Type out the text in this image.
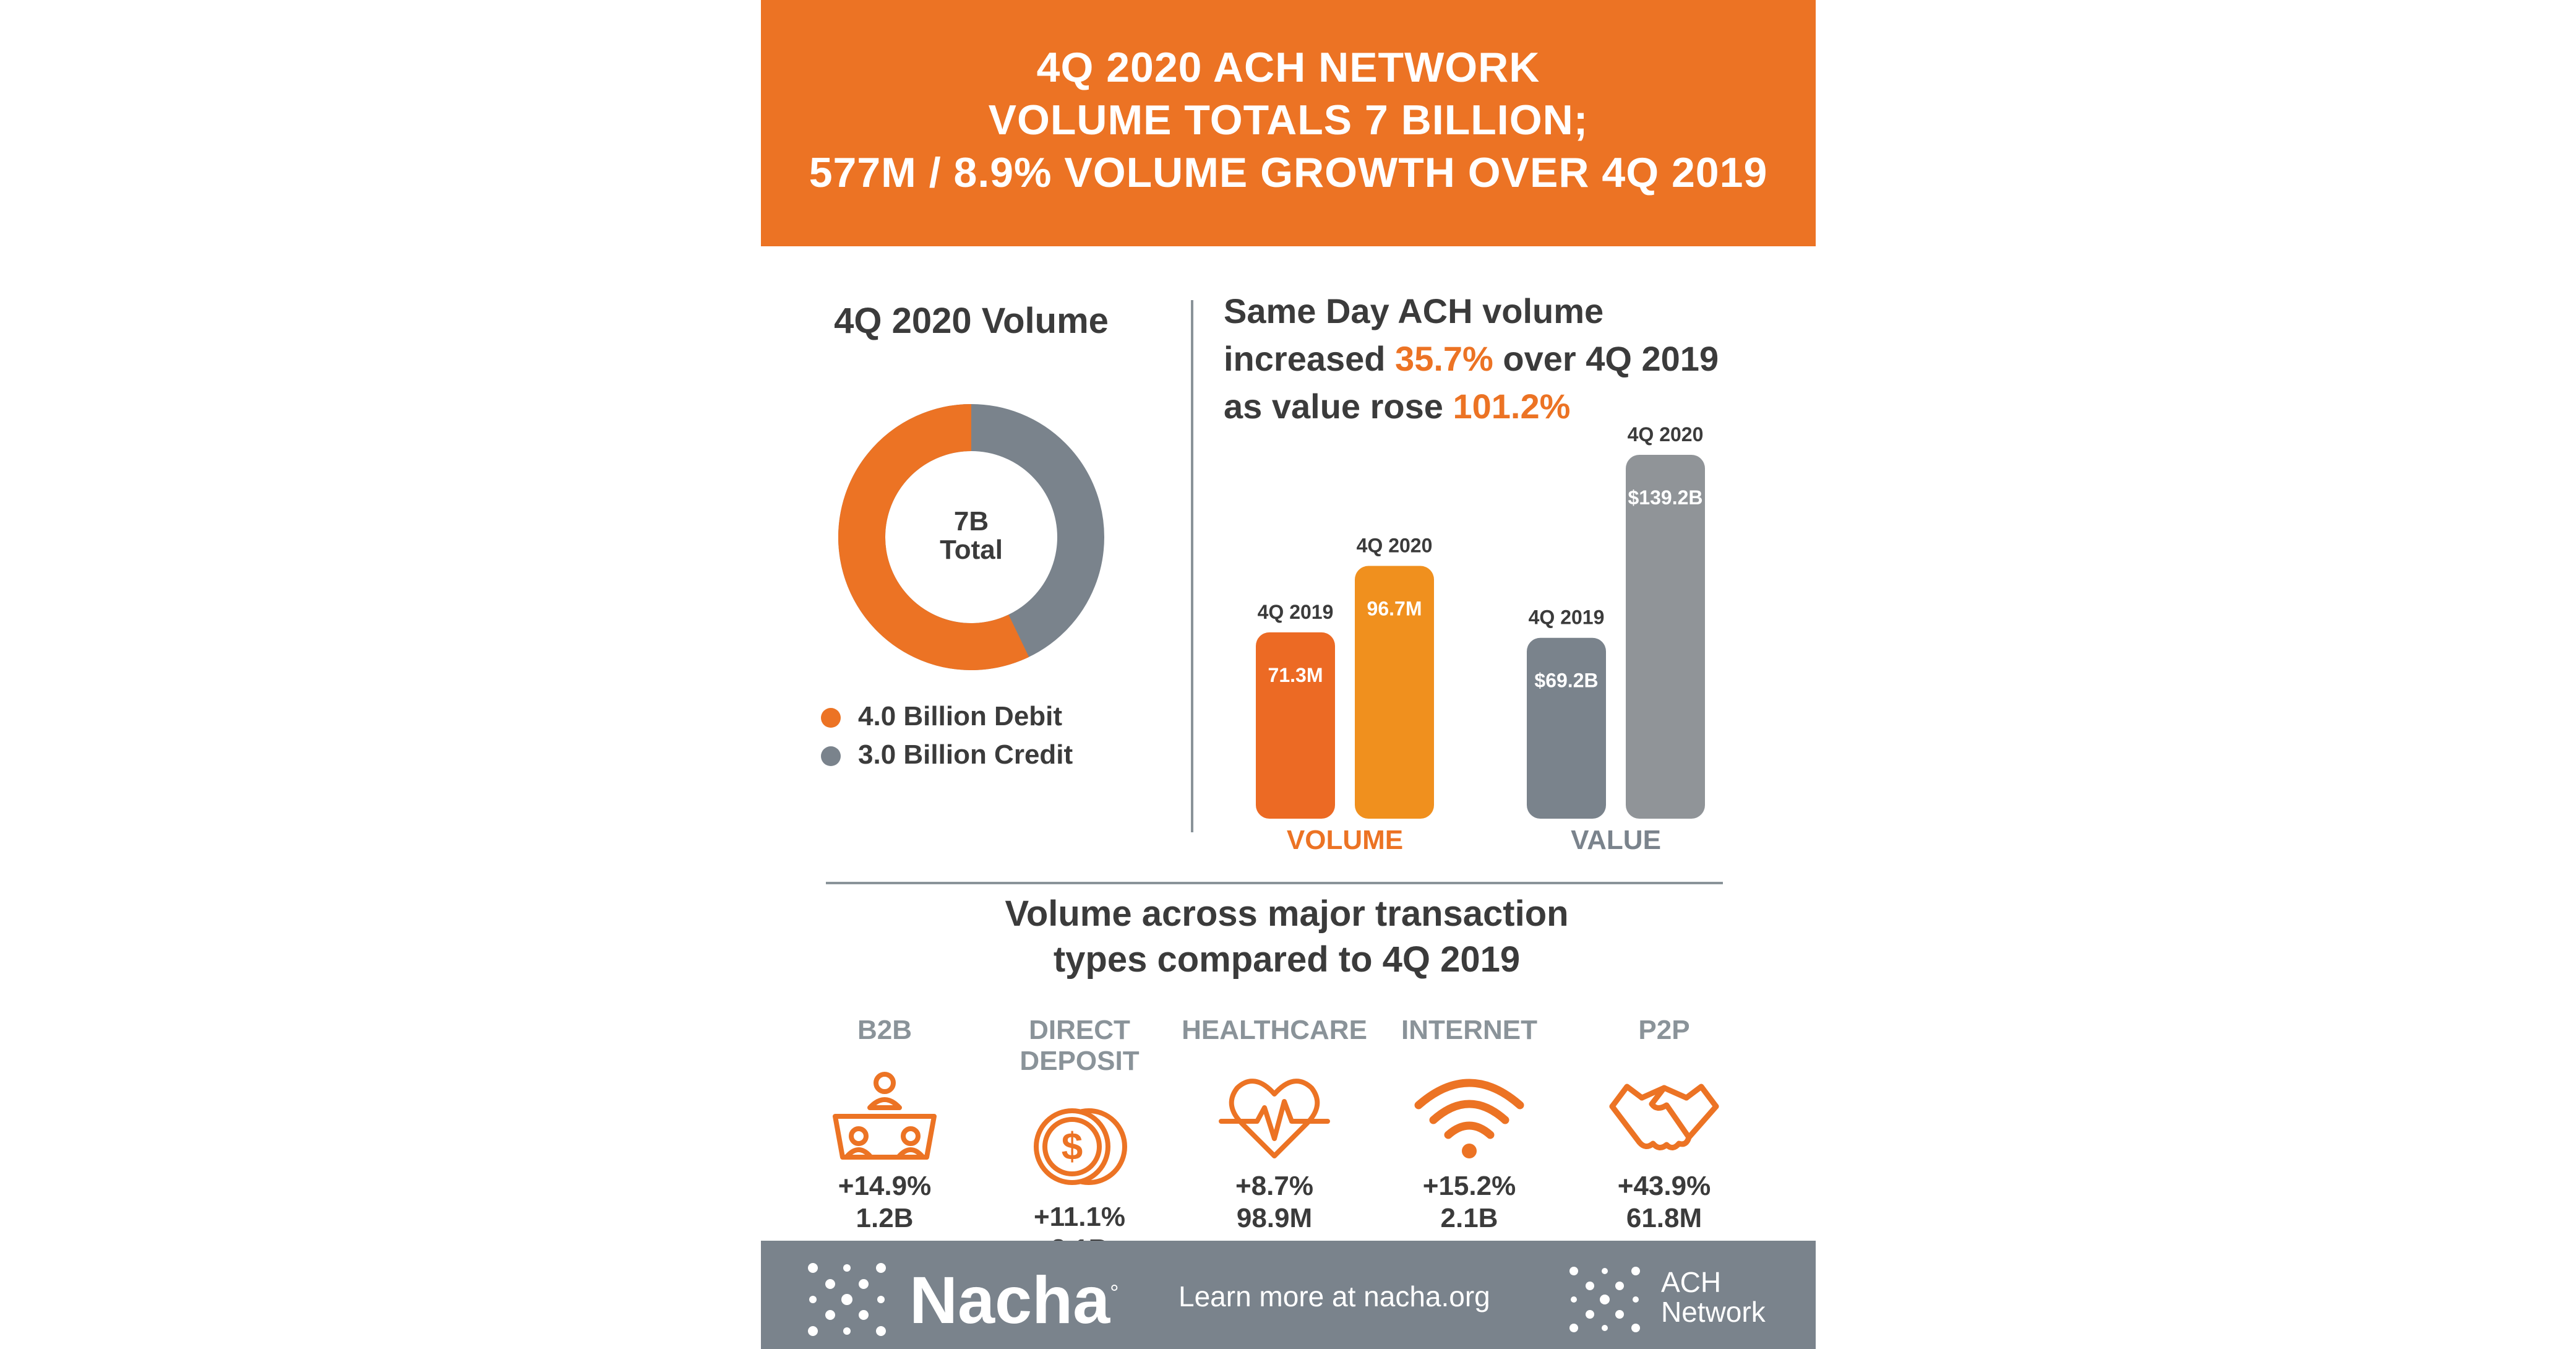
4Q 2020 ACH NETWORK
VOLUME TOTALS 7 BILLION;
577M / 8.9% VOLUME GROWTH OVER 4Q 2019
4Q 2020 Volume
7B
Total
4.0 Billion Debit
3.0 Billion Credit
Same Day ACH volume
increased 35.7% over 4Q 2019
as value rose 101.2%
4Q 2019
71.3M
4Q 2020
96.7M
VOLUME
4Q 2019
$69.2B
4Q 2020
$139.2B
VALUE
Volume across major transaction
types compared to 4Q 2019
B2B
+14.9%
1.2B
DIRECT DEPOSIT
$
+11.1%
HEALTHCARE
+8.7%
98.9M
INTERNET
+15.2%
2.1B
P2P
+43.9%
61.8M
Nacha° Learn more at nacha.org	ACH
Network
